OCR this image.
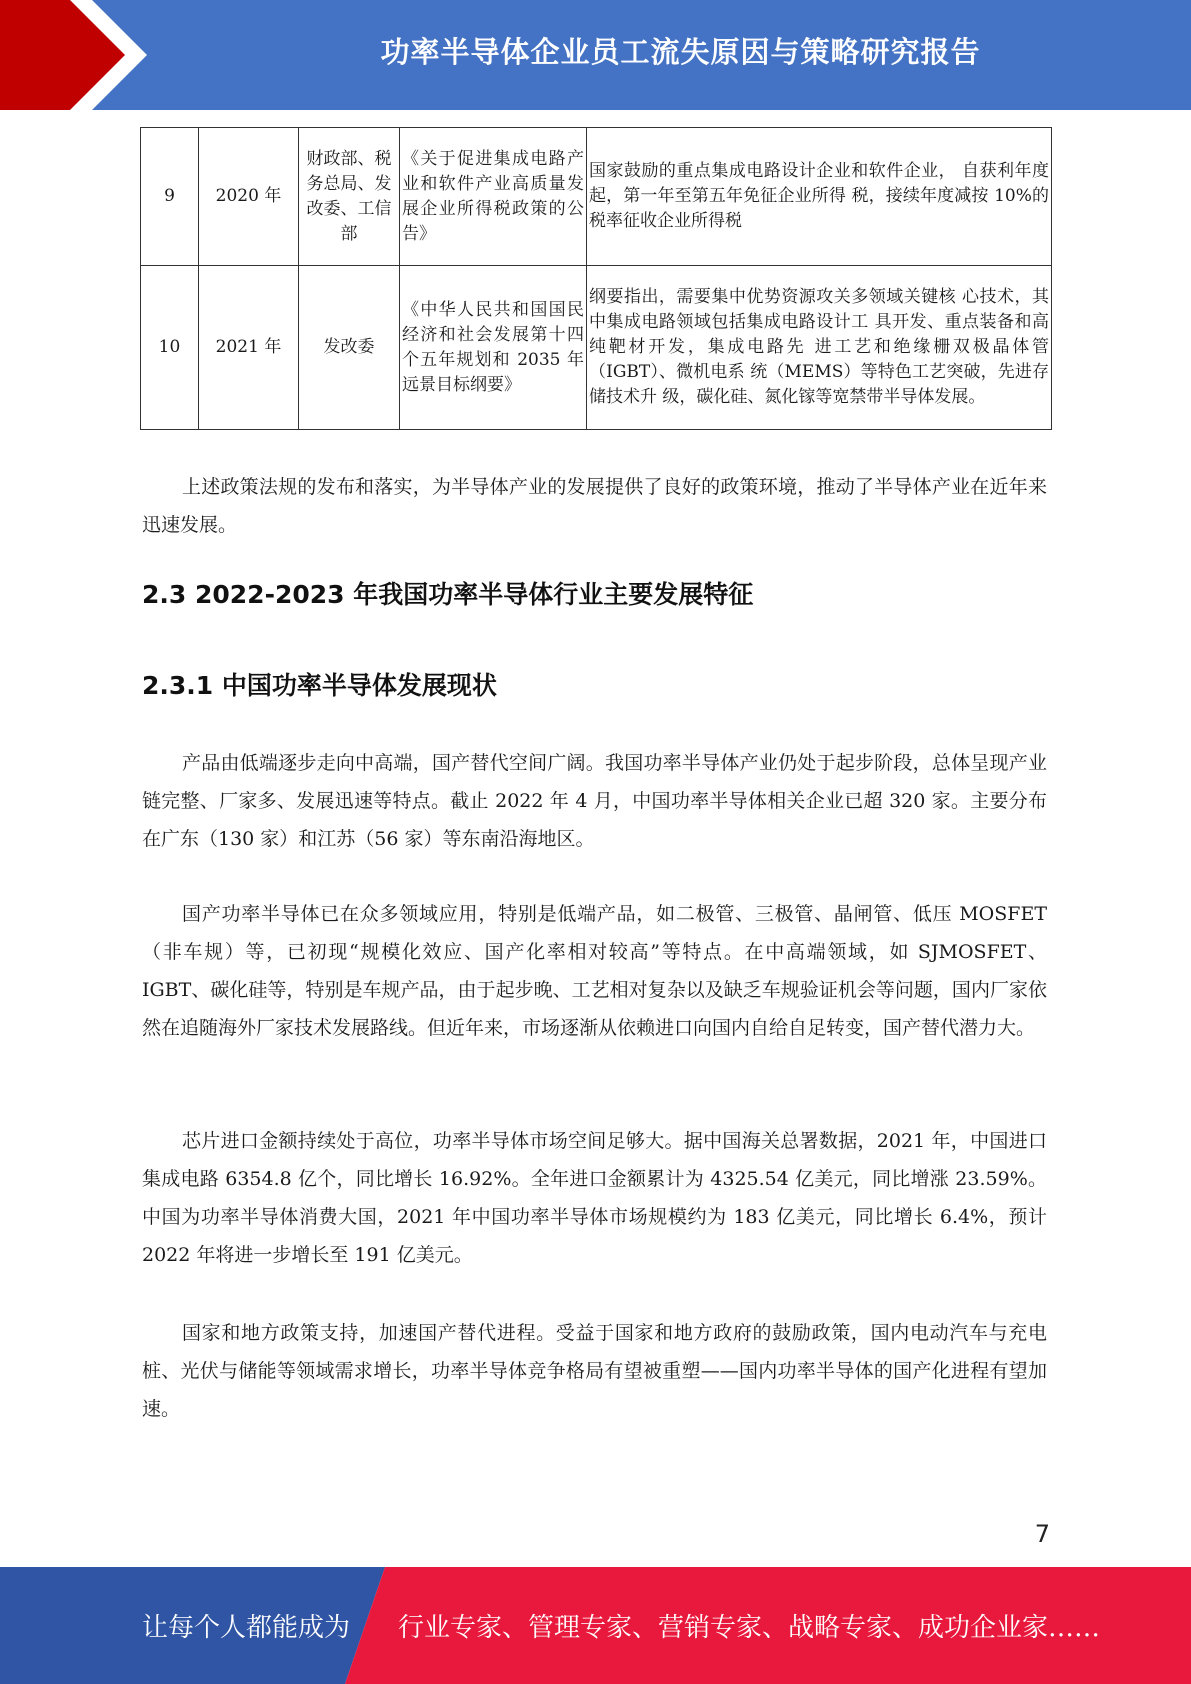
功率半导体企业员工流失原因与策略研究报告
9	2020 年	财政部、税务总局、发改委、工信部	《关于促进集成电路产业和软件产业高质量发展企业所得税政策的公告》	国家鼓励的重点集成电路设计企业和软件企业， 自获利年度起，第一年至第五年免征企业所得 税，接续年度减按 10%的税率征收企业所得税
10	2021 年	发改委	《中华人民共和国国民经济和社会发展第十四个五年规划和 2035 年远景目标纲要》	纲要指出，需要集中优势资源攻关多领域关键核 心技术，其中集成电路领域包括集成电路设计工 具开发、重点装备和高纯靶材开发，集成电路先 进工艺和绝缘栅双极晶体管（IGBT）、微机电系 统（MEMS）等特色工艺突破，先进存储技术升 级，碳化硅、氮化镓等宽禁带半导体发展。

上述政策法规的发布和落实，为半导体产业的发展提供了良好的政策环境，推动了半导体产业在近年来迅速发展。

2.3 2022-2023 年我国功率半导体行业主要发展特征
2.3.1 中国功率半导体发展现状

产品由低端逐步走向中高端，国产替代空间广阔。我国功率半导体产业仍处于起步阶段，总体呈现产业链完整、厂家多、发展迅速等特点。截止 2022 年 4 月，中国功率半导体相关企业已超 320 家。主要分布在广东（130 家）和江苏（56 家）等东南沿海地区。

国产功率半导体已在众多领域应用，特别是低端产品，如二极管、三极管、晶闸管、低压 MOSFET（非车规）等，已初现“规模化效应、国产化率相对较高”等特点。在中高端领域，如 SJMOSFET、IGBT、碳化硅等，特别是车规产品，由于起步晚、工艺相对复杂以及缺乏车规验证机会等问题，国内厂家依然在追随海外厂家技术发展路线。但近年来，市场逐渐从依赖进口向国内自给自足转变，国产替代潜力大。

芯片进口金额持续处于高位，功率半导体市场空间足够大。据中国海关总署数据，2021 年，中国进口集成电路 6354.8 亿个，同比增长 16.92%。全年进口金额累计为 4325.54 亿美元，同比增涨 23.59%。中国为功率半导体消费大国，2021 年中国功率半导体市场规模约为 183 亿美元，同比增长 6.4%，预计 2022 年将进一步增长至 191 亿美元。

国家和地方政策支持，加速国产替代进程。受益于国家和地方政府的鼓励政策，国内电动汽车与充电桩、光伏与储能等领域需求增长，功率半导体竞争格局有望被重塑——国内功率半导体的国产化进程有望加速。

7
让每个人都能成为 行业专家、管理专家、营销专家、战略专家、成功企业家……
